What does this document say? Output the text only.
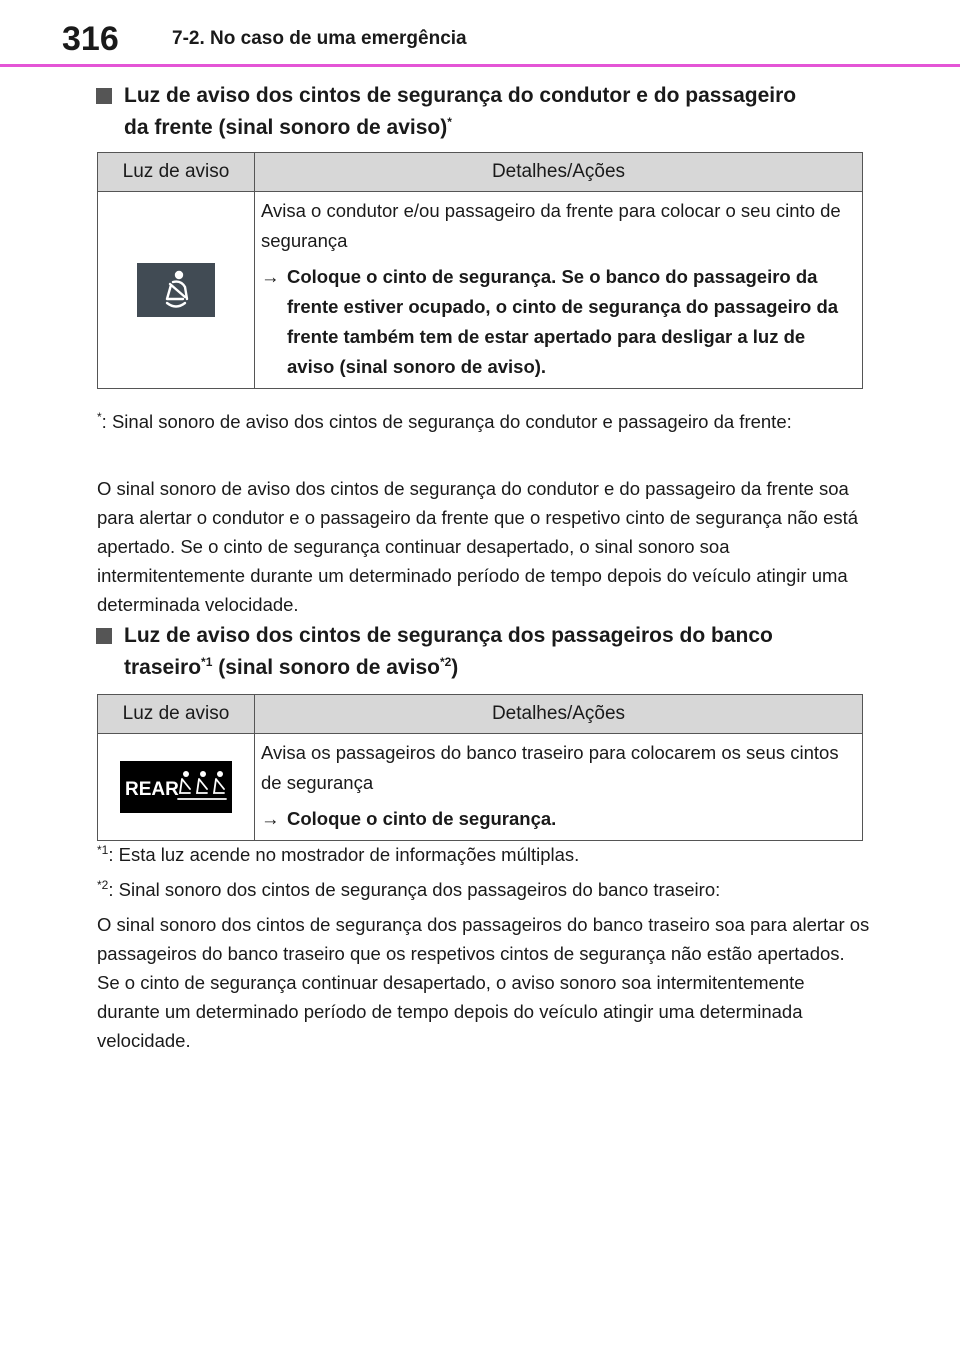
316	7-2. No caso de uma emergência
Luz de aviso dos cintos de segurança do condutor e do passageiro
da frente (sinal sonoro de aviso)*
Luz de aviso	Detalhes/Ações

Avisa o condutor e/ou passageiro da frente para colocar o seu cinto de segurança
→ Coloque o cinto de segurança. Se o banco do passageiro da frente estiver ocupado, o cinto de segurança do passageiro da frente também tem de estar apertado para desligar a luz de aviso (sinal sonoro de aviso).
*: Sinal sonoro de aviso dos cintos de segurança do condutor e passageiro da frente:
O sinal sonoro de aviso dos cintos de segurança do condutor e do passageiro da frente soa para alertar o condutor e o passageiro da frente que o respetivo cinto de segurança não está apertado. Se o cinto de segurança continuar desapertado, o sinal sonoro soa intermitentemente durante um determinado período de tempo depois do veículo atingir uma determinada velocidade.
Luz de aviso dos cintos de segurança dos passageiros do banco
traseiro$^{*1}$ (sinal sonoro de aviso$^{*2}$)
Luz de aviso	Detalhes/Ações

REAR	Avisa os passageiros do banco traseiro para colocarem os seus cintos de segurança
→ Coloque o cinto de segurança.
$^{*1}$: Esta luz acende no mostrador de informações múltiplas.
$^{*2}$: Sinal sonoro dos cintos de segurança dos passageiros do banco traseiro:
O sinal sonoro dos cintos de segurança dos passageiros do banco traseiro soa para alertar os passageiros do banco traseiro que os respetivos cintos de segurança não estão apertados. Se o cinto de segurança continuar desapertado, o aviso sonoro soa intermitentemente durante um determinado período de tempo depois do veículo atingir uma determinada velocidade.
